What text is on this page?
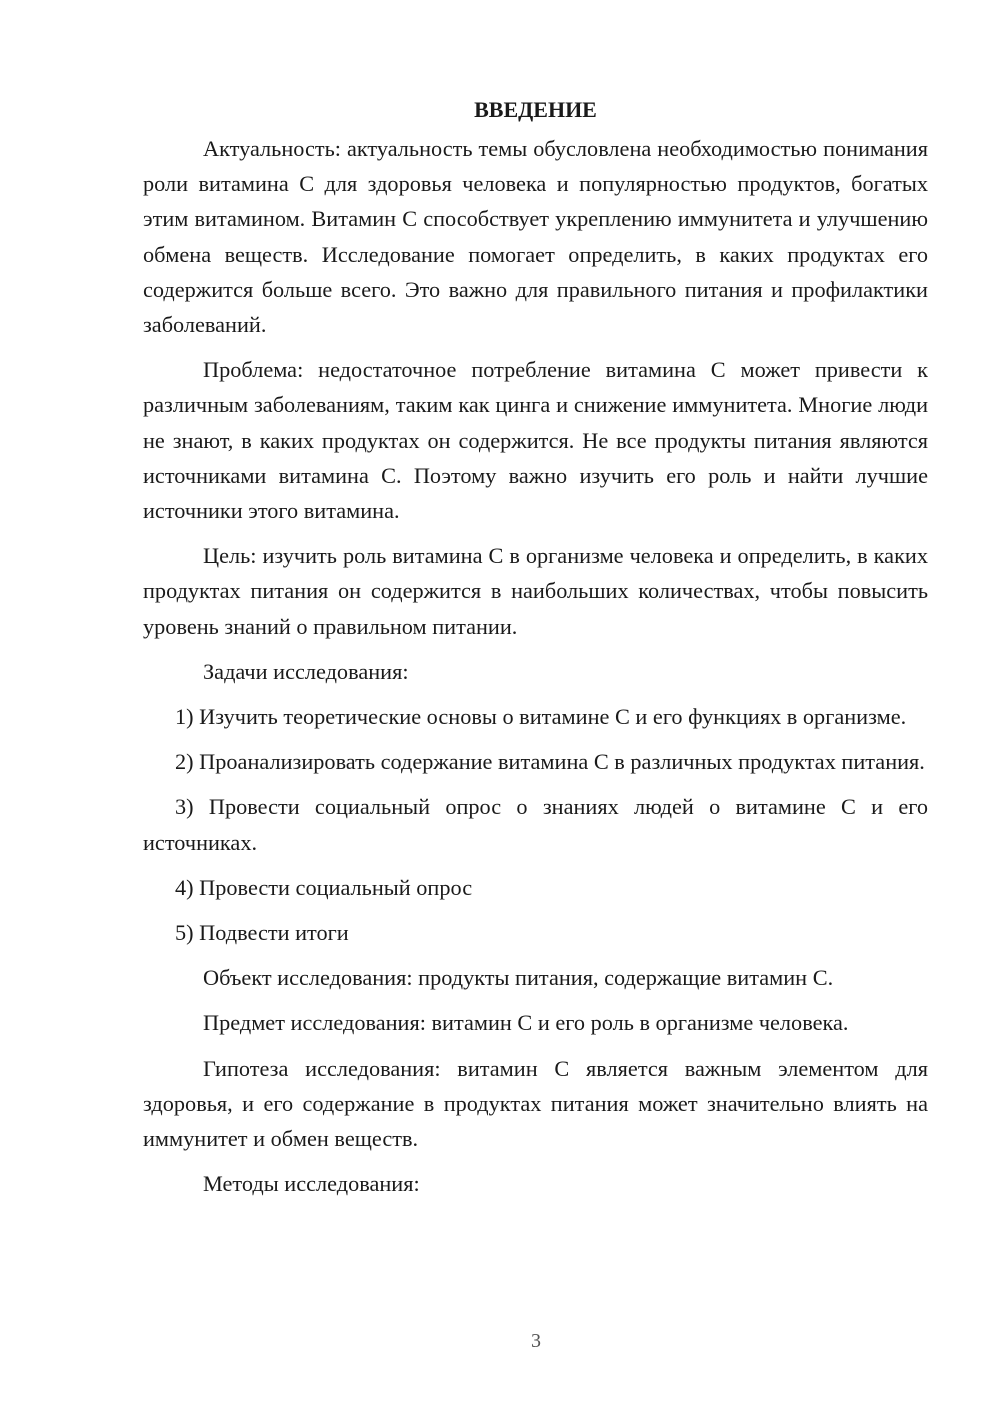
ВВЕДЕНИЕ

Актуальность: актуальность темы обусловлена необходимостью понимания роли витамина С для здоровья человека и популярностью продуктов, богатых этим витамином. Витамин С способствует укреплению иммунитета и улучшению обмена веществ. Исследование помогает определить, в каких продуктах его содержится больше всего. Это важно для правильного питания и профилактики заболеваний.

Проблема: недостаточное потребление витамина С может привести к различным заболеваниям, таким как цинга и снижение иммунитета. Многие люди не знают, в каких продуктах он содержится. Не все продукты питания являются источниками витамина С. Поэтому важно изучить его роль и найти лучшие источники этого витамина.

Цель: изучить роль витамина С в организме человека и определить, в каких продуктах питания он содержится в наибольших количествах, чтобы повысить уровень знаний о правильном питании.

Задачи исследования:

1) Изучить теоретические основы о витамине С и его функциях в организме.

2) Проанализировать содержание витамина С в различных продуктах питания.

3) Провести социальный опрос о знаниях людей о витамине С и его источниках.

4) Провести социальный опрос

5) Подвести итоги

Объект исследования: продукты питания, содержащие витамин С.

Предмет исследования: витамин С и его роль в организме человека.

Гипотеза исследования: витамин С является важным элементом для здоровья, и его содержание в продуктах питания может значительно влиять на иммунитет и обмен веществ.

Методы исследования:

3
